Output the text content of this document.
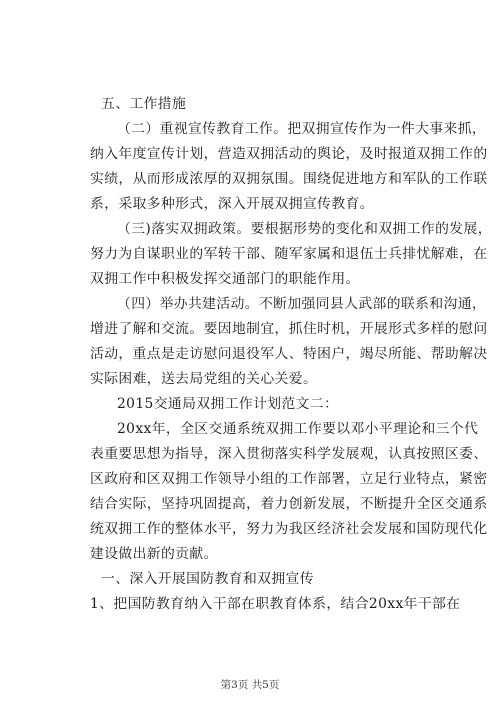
五、工作措施
（二）重视宣传教育工作。把双拥宣传作为一件大事来抓，
纳入年度宣传计划，营造双拥活动的舆论，及时报道双拥工作的
实绩，从而形成浓厚的双拥氛围。围绕促进地方和军队的工作联
系，采取多种形式，深入开展双拥宣传教育。
（三)落实双拥政策。要根据形势的变化和双拥工作的发展，
努力为自谋职业的军转干部、随军家属和退伍士兵排忧解难，在
双拥工作中积极发挥交通部门的职能作用。
（四）举办共建活动。不断加强同县人武部的联系和沟通，
增进了解和交流。要因地制宜，抓住时机，开展形式多样的慰问
活动，重点是走访慰问退役军人、特困户，竭尽所能、帮助解决
实际困难，送去局党组的关心关爱。
2015交通局双拥工作计划范文二：
20xx年，全区交通系统双拥工作要以邓小平理论和三个代
表重要思想为指导，深入贯彻落实科学发展观，认真按照区委、
区政府和区双拥工作领导小组的工作部署，立足行业特点，紧密
结合实际，坚持巩固提高，着力创新发展，不断提升全区交通系
统双拥工作的整体水平，努力为我区经济社会发展和国防现代化
建设做出新的贡献。
一、深入开展国防教育和双拥宣传
1、把国防教育纳入干部在职教育体系，结合20xx年干部在
第3页 共5页
